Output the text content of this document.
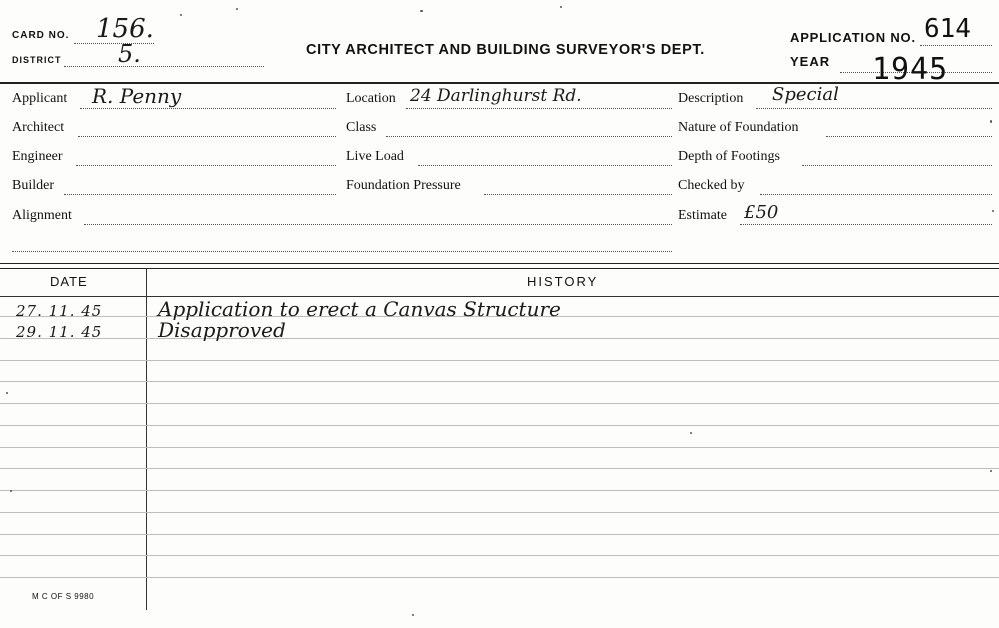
CARD NO. 156.
DISTRICT 5.	CITY ARCHITECT AND BUILDING SURVEYOR'S DEPT.
APPLICATION NO. 614
YEAR 1945
Applicant R. Penny
Architect
Engineer
Builder
Alignment
Location 24 Darlinghurst Rd.
Class
Live Load
Foundation Pressure
Description Special
Nature of Foundation
Depth of Footings
Checked by
Estimate £50
DATE	HISTORY
27. 11. 45	Application to erect a Canvas Structure
29. 11. 45	Disapproved
M C OF S 9980
